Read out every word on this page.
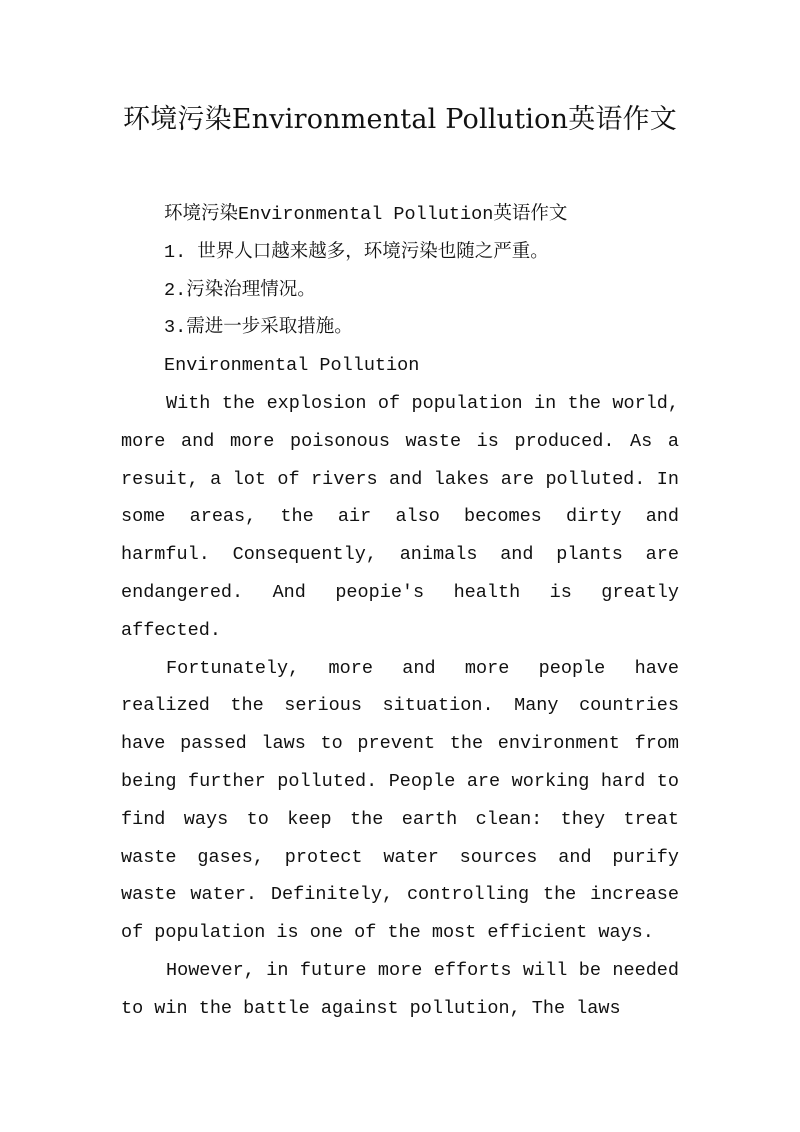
环境污染Environmental Pollution英语作文
环境污染Environmental Pollution英语作文
1. 世界人口越来越多，环境污染也随之严重。
2.污染治理情况。
3.需进一步采取措施。
Environmental Pollution

With the explosion of population in the world, more and more poisonous waste is produced. As a resuit, a lot of rivers and lakes are polluted. In some areas, the air also becomes dirty and harmful. Consequently, animals and plants are endangered. And peopie's health is greatly affected.

Fortunately, more and more people have realized the serious situation. Many countries have passed laws to prevent the environment from being further polluted. People are working hard to find ways to keep the earth clean: they treat waste gases, protect water sources and purify waste water. Definitely, controlling the increase of population is one of the most efficient ways.

However, in future more efforts will be needed to win the battle against pollution, The laws
